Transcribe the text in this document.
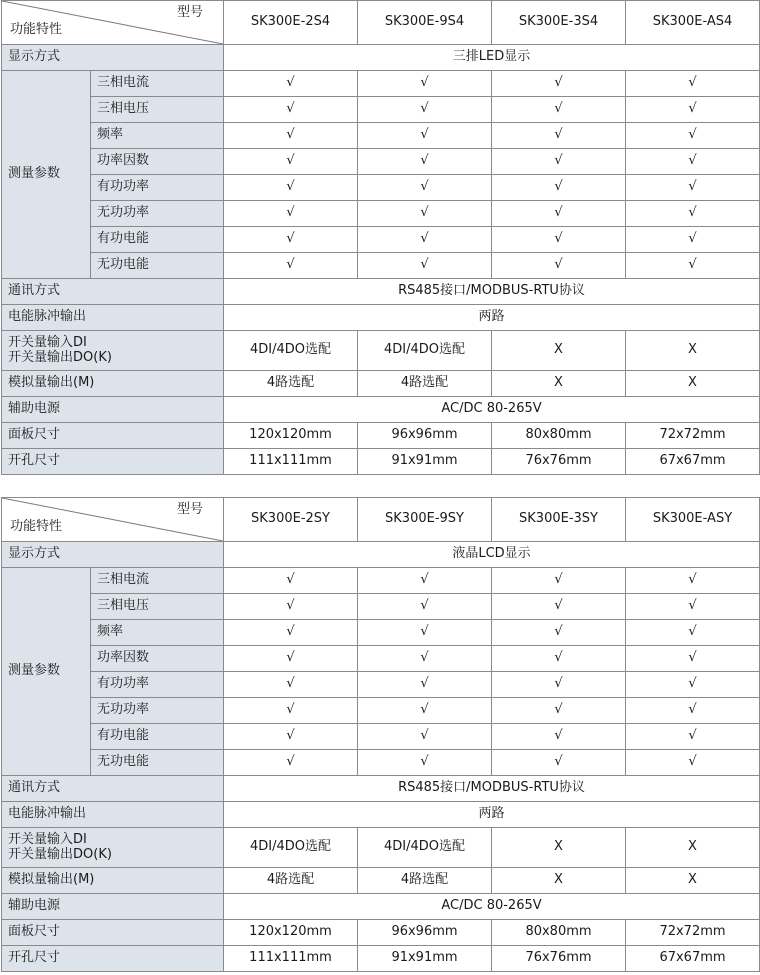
型号
功能特性		SK300E-2S4	SK300E-9S4	SK300E-3S4	SK300E-AS4
显示方式		三排LED显示			
测量参数	三相电流	√	√	√	√
	三相电压	√	√	√	√
	频率	√	√	√	√
	功率因数	√	√	√	√
	有功功率	√	√	√	√
	无功功率	√	√	√	√
	有功电能	√	√	√	√
	无功电能	√	√	√	√
通讯方式		RS485接口/MODBUS-RTU协议			
电能脉冲输出		两路			

开关量输入DI
开关量输出DO(K)		4DI/4DO选配	4DI/4DO选配	X	X
模拟量输出(M)		4路选配	4路选配	X	X
辅助电源		AC/DC 80-265V			
面板尺寸		120x120mm	96x96mm	80x80mm	72x72mm
开孔尺寸		111x111mm	91x91mm	76x76mm	67x67mm
型号
功能特性		SK300E-2SY	SK300E-9SY	SK300E-3SY	SK300E-ASY
显示方式		液晶LCD显示			
测量参数	三相电流	√	√	√	√
	三相电压	√	√	√	√
	频率	√	√	√	√
	功率因数	√	√	√	√
	有功功率	√	√	√	√
	无功功率	√	√	√	√
	有功电能	√	√	√	√
	无功电能	√	√	√	√
通讯方式		RS485接口/MODBUS-RTU协议			
电能脉冲输出		两路			

开关量输入DI
开关量输出DO(K)		4DI/4DO选配	4DI/4DO选配	X	X
模拟量输出(M)		4路选配	4路选配	X	X
辅助电源		AC/DC 80-265V			
面板尺寸		120x120mm	96x96mm	80x80mm	72x72mm
开孔尺寸		111x111mm	91x91mm	76x76mm	67x67mm
